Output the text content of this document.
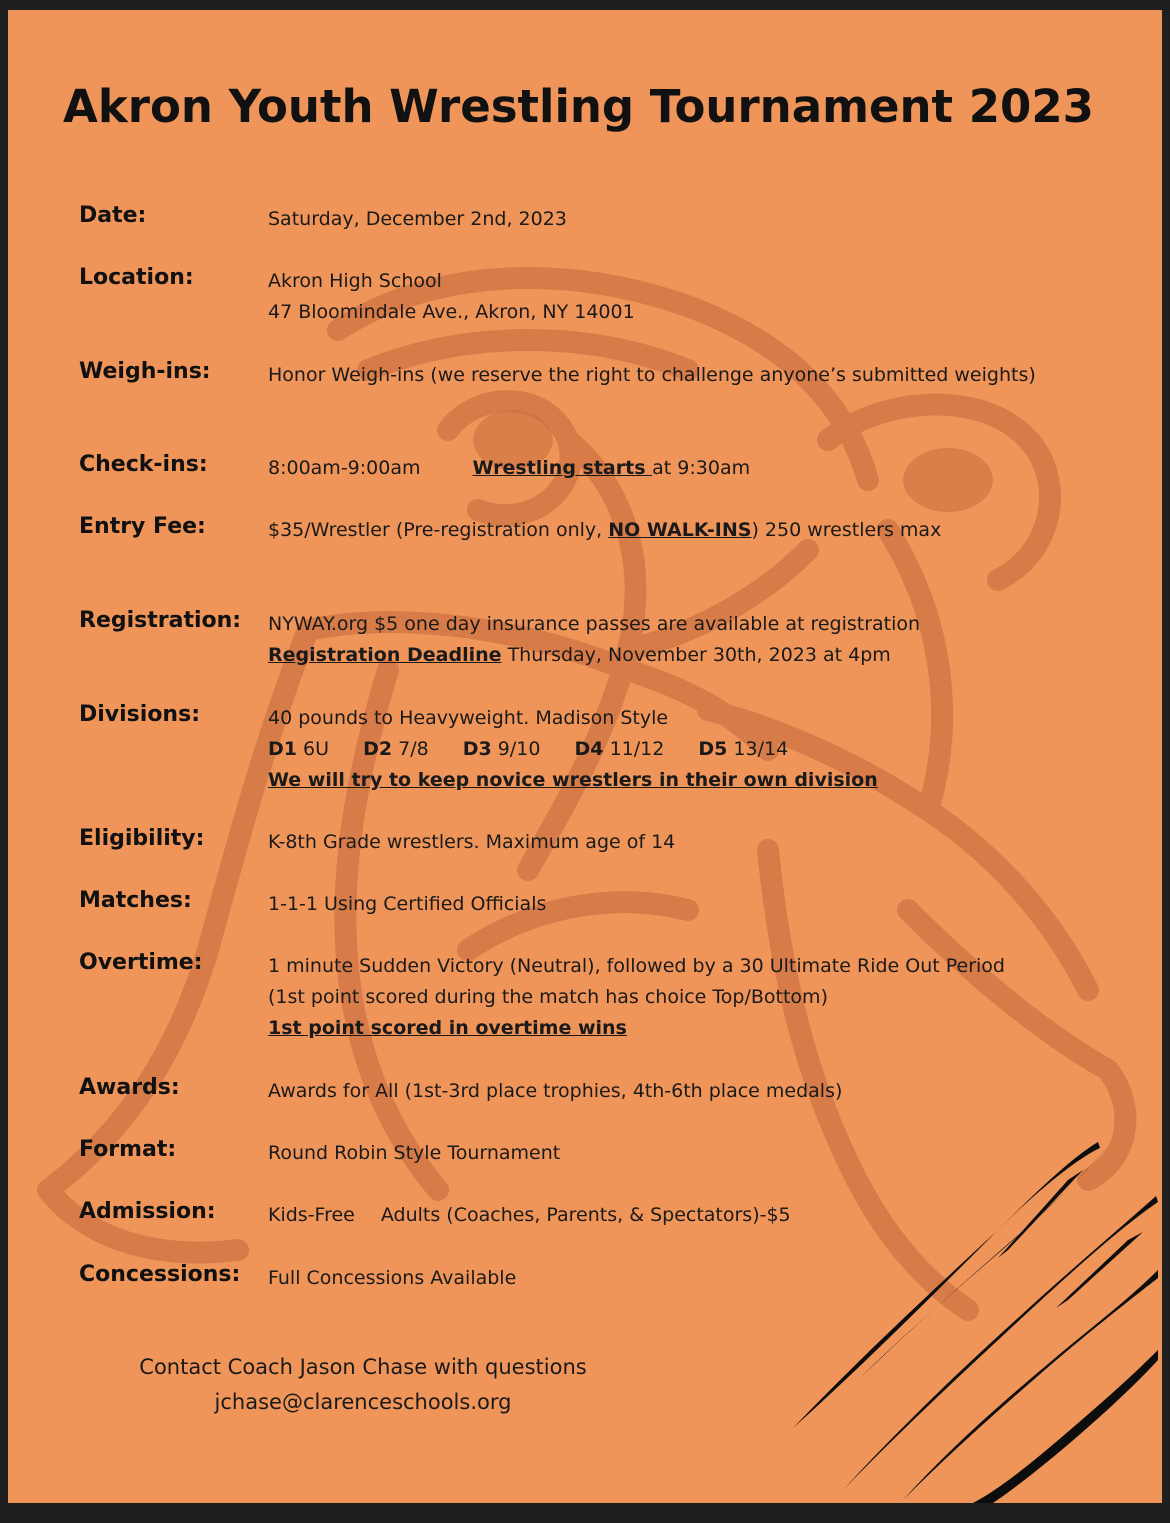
Akron Youth Wrestling Tournament 2023
Date:	Saturday, December 2nd, 2023
Location:	Akron High School
47 Bloomindale Ave., Akron, NY 14001
Weigh-ins:	Honor Weigh-ins (we reserve the right to challenge anyone’s submitted weights)
Check-ins:	8:00am-9:00am	Wrestling starts at 9:30am
Entry Fee:	$35/Wrestler (Pre-registration only, NO WALK-INS) 250 wrestlers max
Registration: NYWAY.org $5 one day insurance passes are available at registration
Registration Deadline Thursday, November 30th, 2023 at 4pm
Divisions:	40 pounds to Heavyweight. Madison Style
D1 6U D2 7/8 D3 9/10 D4 11/12 D5 13/14
We will try to keep novice wrestlers in their own division
Eligibility:	K-8th Grade wrestlers. Maximum age of 14
Matches:	1-1-1 Using Certified Officials
Overtime:	1 minute Sudden Victory (Neutral), followed by a 30 Ultimate Ride Out Period
(1st point scored during the match has choice Top/Bottom)
1st point scored in overtime wins
Awards:	Awards for All (1st-3rd place trophies, 4th-6th place medals)
Format:	Round Robin Style Tournament
Admission:	Kids-Free Adults (Coaches, Parents, & Spectators)-$5
Concessions: Full Concessions Available
Contact Coach Jason Chase with questions
jchase@clarenceschools.org
